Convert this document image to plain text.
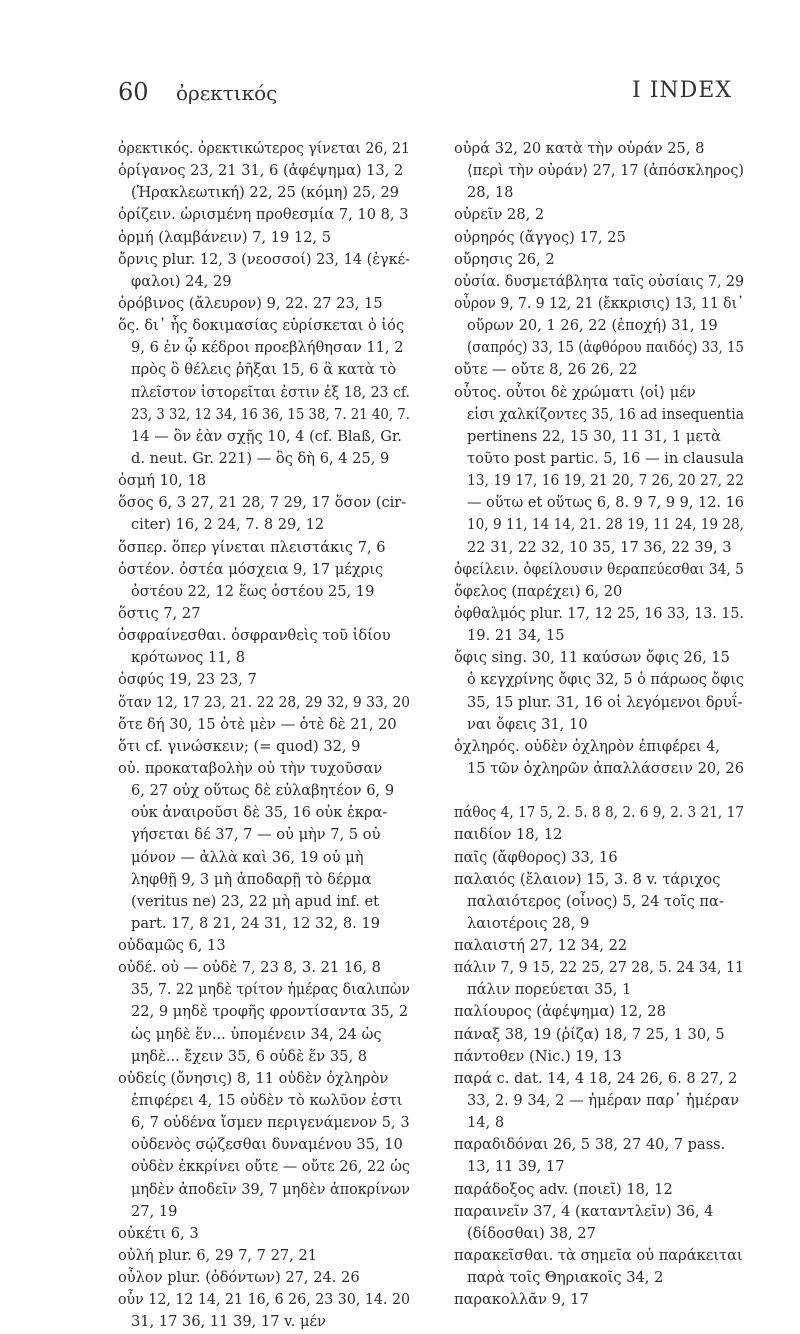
60 ὀρεκτικός	I INDEX
ὀρεκτικός. ὀρεκτικώτερος γίνεται 26, 21
ὀρίγανος 23, 21 31, 6 (ἀφέψημα) 13, 2
(Ἡρακλεωτική) 22, 25 (κόμη) 25, 29
ὁρίζειν. ὡρισμένη προθεσμία 7, 10 8, 3
ὁρμή (λαμβάνειν) 7, 19 12, 5
ὄρνις plur. 12, 3 (νεοσσοί) 23, 14 (ἐγκέ-
φαλοι) 24, 29
ὀρόβινος (ἄλευρον) 9, 22. 27 23, 15
ὅς. δι᾽ ἧς δοκιμασίας εὑρίσκεται ὁ ἰός
9, 6 ἐν ᾧ κέδροι προεβλήθησαν 11, 2
πρὸς ὃ θέλεις ῥῆξαι 15, 6 ἃ κατὰ τὸ
πλεῖστον ἱστορεῖται ἐστιν ἐξ 18, 23 cf.
23, 3 32, 12 34, 16 36, 15 38, 7. 21 40, 7.
14 — ὃν ἐὰν σχῇς 10, 4 (cf. Blaß, Gr.
d. neut. Gr. 221) — ὃς δὴ 6, 4 25, 9
ὀσμή 10, 18
ὅσος 6, 3 27, 21 28, 7 29, 17 ὅσον (cir-
citer) 16, 2 24, 7. 8 29, 12
ὅσπερ. ὅπερ γίνεται πλειστάκις 7, 6
ὀστέον. ὀστέα μόσχεια 9, 17 μέχρις
ὀστέου 22, 12 ἕως ὀστέου 25, 19
ὅστις 7, 27
ὀσφραίνεσθαι. ὀσφρανθεὶς τοῦ ἰδίου
κρότωνος 11, 8
ὀσφύς 19, 23 23, 7
ὅταν 12, 17 23, 21. 22 28, 29 32, 9 33, 20
ὅτε δή 30, 15 ὁτὲ μὲν — ὁτὲ δὲ 21, 20
ὅτι cf. γινώσκειν; (= quod) 32, 9
οὐ. προκαταβολὴν οὐ τὴν τυχοῦσαν
6, 27 οὐχ οὕτως δὲ εὐλαβητέον 6, 9
οὐκ ἀναιροῦσι δὲ 35, 16 οὐκ ἐκρα-
γήσεται δέ 37, 7 — οὐ μὴν 7, 5 οὐ
μόνον — ἀλλὰ καὶ 36, 19 οὐ μὴ
ληφθῇ 9, 3 μὴ ἀποδαρῇ τὸ δέρμα
(veritus ne) 23, 22 μὴ apud inf. et
part. 17, 8 21, 24 31, 12 32, 8. 19
οὐδαμῶς 6, 13
οὐδέ. οὐ — οὐδὲ 7, 23 8, 3. 21 16, 8
35, 7. 22 μηδὲ τρίτον ἡμέρας διαλιπὼν
22, 9 μηδὲ τροφῆς φροντίσαντα 35, 2
ὡς μηδὲ ἕν... ὑπομένειν 34, 24 ὡς
μηδὲ... ἔχειν 35, 6 οὐδὲ ἕν 35, 8
οὐδείς (ὄνησις) 8, 11 οὐδὲν ὀχληρὸν
ἐπιφέρει 4, 15 οὐδὲν τὸ κωλῦον ἐστι
6, 7 οὐδένα ἴσμεν περιγενάμενον 5, 3
οὐδενὸς σῴζεσθαι δυναμένου 35, 10
οὐδὲν ἐκκρίνει οὔτε — οὔτε 26, 22 ὡς
μηδὲν ἀποδεῖν 39, 7 μηδὲν ἀποκρίνων
27, 19
οὐκέτι 6, 3
οὐλή plur. 6, 29 7, 7 27, 21
οὖλον plur. (ὀδόντων) 27, 24. 26
οὖν 12, 12 14, 21 16, 6 26, 23 30, 14. 20
31, 17 36, 11 39, 17 v. μέν
οὐρά 32, 20 κατὰ τὴν οὐράν 25, 8
⟨περὶ τὴν οὐράν⟩ 27, 17 (ἀπόσκληρος)
28, 18
οὐρεῖν 28, 2
οὐρηρός (ἄγγος) 17, 25
οὔρησις 26, 2
οὐσία. δυσμετάβλητα ταῖς οὐσίαις 7, 29
οὖρον 9, 7. 9 12, 21 (ἔκκρισις) 13, 11 δι᾽
οὔρων 20, 1 26, 22 (ἐποχή) 31, 19
(σαπρός) 33, 15 (ἀφθόρου παιδός) 33, 15
οὔτε — οὔτε 8, 26 26, 22
οὗτος. οὗτοι δὲ χρώματι ⟨οἱ⟩ μέν
εἰσι χαλκίζοντες 35, 16 ad insequentia
pertinens 22, 15 30, 11 31, 1 μετὰ
τοῦτο post partic. 5, 16 — in clausula
13, 19 17, 16 19, 21 20, 7 26, 20 27, 22
— οὕτω et οὕτως 6, 8. 9 7, 9 9, 12. 16
10, 9 11, 14 14, 21. 28 19, 11 24, 19 28,
22 31, 22 32, 10 35, 17 36, 22 39, 3
ὀφείλειν. ὀφείλουσιν θεραπεύεσθαι 34, 5
ὄφελος (παρέχει) 6, 20
ὀφθαλμός plur. 17, 12 25, 16 33, 13. 15.
19. 21 34, 15
ὄφις sing. 30, 11 καύσων ὄφις 26, 15
ὁ κεγχρίνης ὄφις 32, 5 ὁ πάρωος ὄφις
35, 15 plur. 31, 16 οἱ λεγόμενοι δρυΐ-
ναι ὄφεις 31, 10
ὀχληρός. οὐδὲν ὀχληρὸν ἐπιφέρει 4,
15 τῶν ὀχληρῶν ἀπαλλάσσειν 20, 26
πάθος 4, 17 5, 2. 5. 8 8, 2. 6 9, 2. 3 21, 17
παιδίον 18, 12
παῖς (ἄφθορος) 33, 16
παλαιός (ἔλαιον) 15, 3. 8 v. τάριχος
παλαιότερος (οἶνος) 5, 24 τοῖς πα-
λαιοτέροις 28, 9
παλαιστή 27, 12 34, 22
πάλιν 7, 9 15, 22 25, 27 28, 5. 24 34, 11
πάλιν πορεύεται 35, 1
παλίουρος (ἀφέψημα) 12, 28
πάναξ 38, 19 (ῥίζα) 18, 7 25, 1 30, 5
πάντοθεν (Nic.) 19, 13
παρά c. dat. 14, 4 18, 24 26, 6. 8 27, 2
33, 2. 9 34, 2 — ἡμέραν παρ᾽ ἡμέραν
14, 8
παραδιδόναι 26, 5 38, 27 40, 7 pass.
13, 11 39, 17
παράδοξος adv. (ποιεῖ) 18, 12
παραινεῖν 37, 4 (καταντλεῖν) 36, 4
(δίδοσθαι) 38, 27
παρακεῖσθαι. τὰ σημεῖα οὐ παράκειται
παρὰ τοῖς Θηριακοῖς 34, 2
παρακολλᾶν 9, 17
